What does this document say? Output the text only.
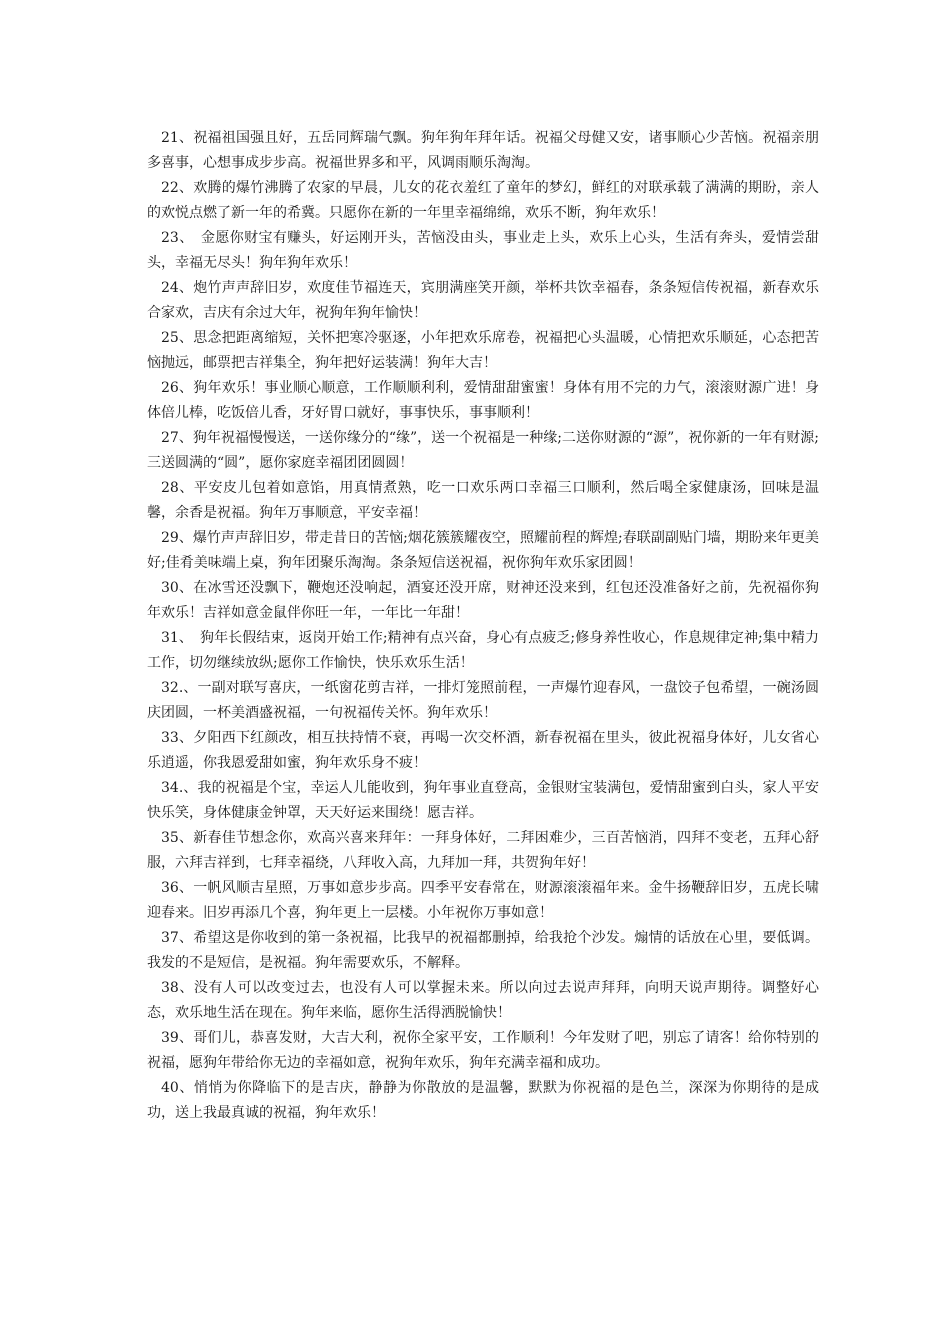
21、祝福祖国强且好，五岳同辉瑞气飘。狗年狗年拜年话。祝福父母健又安，诸事顺心少苦恼。祝福亲朋多喜事，心想事成步步高。祝福世界多和平，风调雨顺乐淘淘。

22、欢腾的爆竹沸腾了农家的早晨，儿女的花衣羞红了童年的梦幻，鲜红的对联承载了满满的期盼，亲人的欢悦点燃了新一年的希冀。只愿你在新的一年里幸福绵绵，欢乐不断，狗年欢乐！

23、　金愿你财宝有赚头，好运刚开头，苦恼没由头，事业走上头，欢乐上心头，生活有奔头，爱情尝甜头，幸福无尽头！狗年狗年欢乐！

24、炮竹声声辞旧岁，欢度佳节福连天，宾朋满座笑开颜，举杯共饮幸福春，条条短信传祝福，新春欢乐合家欢，吉庆有余过大年，祝狗年狗年愉快！

25、思念把距离缩短，关怀把寒冷驱逐，小年把欢乐席卷，祝福把心头温暖，心情把欢乐顺延，心态把苦恼抛远，邮票把吉祥集全，狗年把好运装满！狗年大吉！

26、狗年欢乐！事业顺心顺意，工作顺顺利利，爱情甜甜蜜蜜！身体有用不完的力气，滚滚财源广进！身体倍儿棒，吃饭倍儿香，牙好胃口就好，事事快乐，事事顺利！

27、狗年祝福慢慢送，一送你缘分的“缘”，送一个祝福是一种缘;二送你财源的“源”，祝你新的一年有财源;三送圆满的“圆”，愿你家庭幸福团团圆圆！

28、平安皮儿包着如意馅，用真情煮熟，吃一口欢乐两口幸福三口顺利，然后喝全家健康汤，回味是温馨，余香是祝福。狗年万事顺意，平安幸福！

29、爆竹声声辞旧岁，带走昔日的苦恼;烟花簇簇耀夜空，照耀前程的辉煌;春联副副贴门墙，期盼来年更美好;佳肴美味端上桌，狗年团聚乐淘淘。条条短信送祝福，祝你狗年欢乐家团圆！

30、在冰雪还没飘下，鞭炮还没响起，酒宴还没开席，财神还没来到，红包还没准备好之前，先祝福你狗年欢乐！吉祥如意金鼠伴你旺一年，一年比一年甜！

31、　狗年长假结束，返岗开始工作;精神有点兴奋，身心有点疲乏;修身养性收心，作息规律定神;集中精力工作，切勿继续放纵;愿你工作愉快，快乐欢乐生活！

32.、一副对联写喜庆，一纸窗花剪吉祥，一排灯笼照前程，一声爆竹迎春风，一盘饺子包希望，一碗汤圆庆团圆，一杯美酒盛祝福，一句祝福传关怀。狗年欢乐！

33、夕阳西下红颜改，相互扶持情不衰，再喝一次交杯酒，新春祝福在里头，彼此祝福身体好，儿女省心乐逍遥，你我恩爱甜如蜜，狗年欢乐身不疲！

34.、我的祝福是个宝，幸运人儿能收到，狗年事业直登高，金银财宝装满包，爱情甜蜜到白头，家人平安快乐笑，身体健康金钟罩，天天好运来围绕！愿吉祥。

35、新春佳节想念你，欢高兴喜来拜年：一拜身体好，二拜困难少，三百苦恼消，四拜不变老，五拜心舒服，六拜吉祥到，七拜幸福绕，八拜收入高，九拜加一拜，共贺狗年好！

36、一帆风顺吉星照，万事如意步步高。四季平安春常在，财源滚滚福年来。金牛扬鞭辞旧岁，五虎长啸迎春来。旧岁再添几个喜，狗年更上一层楼。小年祝你万事如意！

37、希望这是你收到的第一条祝福，比我早的祝福都删掉，给我抢个沙发。煽情的话放在心里，要低调。我发的不是短信，是祝福。狗年需要欢乐，不解释。

38、没有人可以改变过去，也没有人可以掌握未来。所以向过去说声拜拜，向明天说声期待。调整好心态，欢乐地生活在现在。狗年来临，愿你生活得洒脱愉快！

39、哥们儿，恭喜发财，大吉大利，祝你全家平安，工作顺利！今年发财了吧，别忘了请客！给你特别的祝福，愿狗年带给你无边的幸福如意，祝狗年欢乐，狗年充满幸福和成功。

40、悄悄为你降临下的是吉庆，静静为你散放的是温馨，默默为你祝福的是色兰，深深为你期待的是成功，送上我最真诚的祝福，狗年欢乐！
